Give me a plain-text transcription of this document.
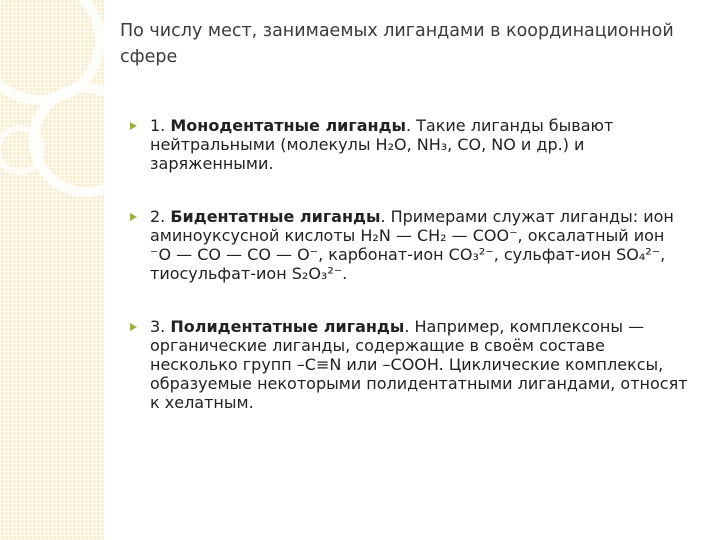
По числу мест, занимаемых лигандами в координационной сфере
1. Монодентатные лиганды. Такие лиганды бывают нейтральными (молекулы H₂O, NH₃, CO, NO и др.) и заряженными.
2. Бидентатные лиганды. Примерами служат лиганды: ион аминоуксусной кислоты H₂N — CH₂ — COO⁻, оксалатный ион ⁻O — CO — CO — O⁻, карбонат-ион CO₃²⁻, сульфат-ион SO₄²⁻, тиосульфат-ион S₂O₃²⁻.
3. Полидентатные лиганды. Например, комплексоны — органические лиганды, содержащие в своём составе несколько групп –C≡N или –COOH. Циклические комплексы, образуемые некоторыми полидентатными лигандами, относят к хелатным.
